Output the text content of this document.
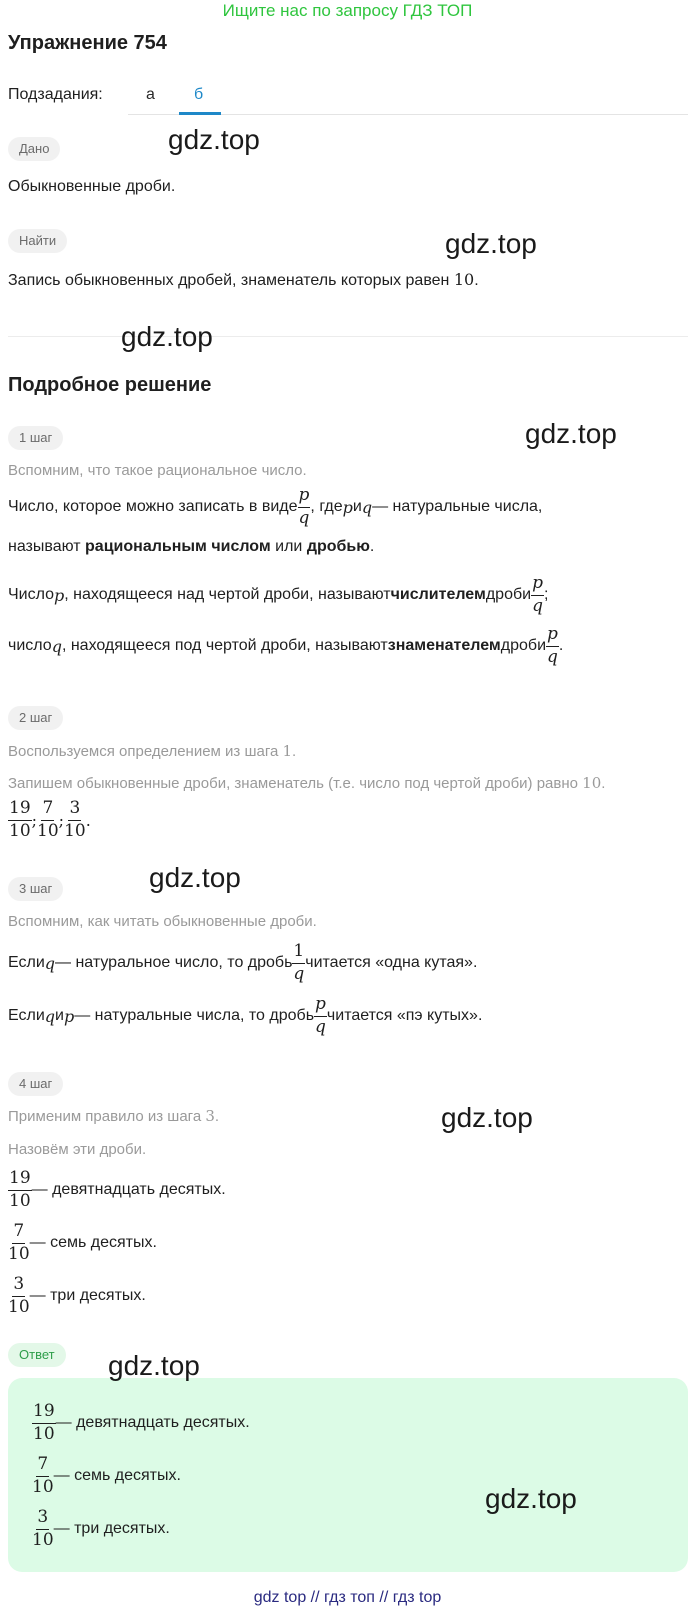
Ищите нас по запросу ГДЗ ТОП
Упражнение 754
Подзадания:	а б
Дано
Обыкновенные дроби.
Найти
Запись обыкновенных дробей, знаменатель которых равен 10.
Подробное решение
1 шаг
Вспомним, что такое рациональное число.
Число, которое можно записать в виде $\frac{p}{q}$ , где p и q — натуральные числа,
называют рациональным числом или дробью.
Число p , находящееся над чертой дроби, называют числителем дроби $\frac{p}{q}$ ;
число q , находящееся под чертой дроби, называют знаменателем дроби $\frac{p}{q}$ .
2 шаг
Воспользуемся определением из шага 1.
Запишем обыкновенные дроби, знаменатель (т.е. число под чертой дроби) равно 10.
$\frac{19}{10}$ ; $\frac{7}{10}$ ; $\frac{3}{10}$ .
3 шаг
Вспомним, как читать обыкновенные дроби.
Если q — натуральное число, то дробь $\frac{1}{q}$ читается «одна кутая».
Если q и p — натуральные числа, то дробь $\frac{p}{q}$ читается «пэ кутых».
4 шаг
Применим правило из шага 3.
Назовём эти дроби.
$\frac{19}{10}$ — девятнадцать десятых.
$\frac{7}{10}$ — семь десятых.
$\frac{3}{10}$ — три десятых.
Ответ
$\frac{19}{10}$ — девятнадцать десятых.
$\frac{7}{10}$ — семь десятых.
$\frac{3}{10}$ — три десятых.
gdz.top
gdz.top
gdz.top
gdz.top
gdz.top
gdz.top
gdz.top
gdz.top
gdz top // гдз топ // гдз top
